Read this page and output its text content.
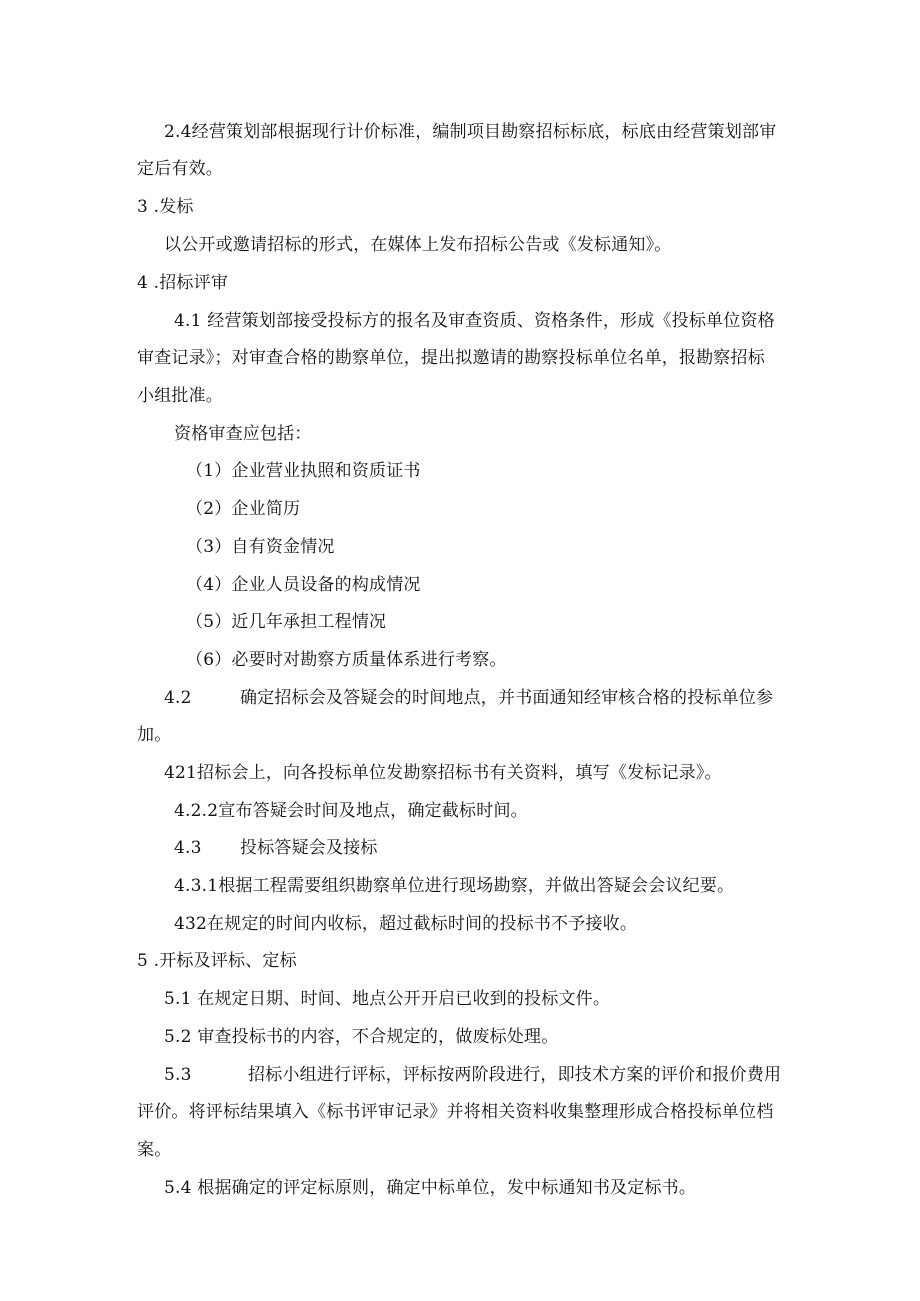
2.4经营策划部根据现行计价标准，编制项目勘察招标标底，标底由经营策划部审
定后有效。
3 .发标
以公开或邀请招标的形式，在媒体上发布招标公告或《发标通知》。
4 .招标评审
4.1 经营策划部接受投标方的报名及审查资质、资格条件，形成《投标单位资格
审查记录》；对审查合格的勘察单位，提出拟邀请的勘察投标单位名单，报勘察招标
小组批准。
资格审查应包括：
（1）企业营业执照和资质证书
（2）企业简历
（3）自有资金情况
（4）企业人员设备的构成情况
（5）近几年承担工程情况
（6）必要时对勘察方质量体系进行考察。
4.2	确定招标会及答疑会的时间地点，并书面通知经审核合格的投标单位参
加。
421招标会上，向各投标单位发勘察招标书有关资料，填写《发标记录》。
4.2.2宣布答疑会时间及地点，确定截标时间。
4.3 投标答疑会及接标
4.3.1根据工程需要组织勘察单位进行现场勘察，并做出答疑会会议纪要。
432在规定的时间内收标，超过截标时间的投标书不予接收。
5 .开标及评标、定标
5.1 在规定日期、时间、地点公开开启已收到的投标文件。
5.2 审查投标书的内容，不合规定的，做废标处理。
5.3	招标小组进行评标，评标按两阶段进行，即技术方案的评价和报价费用
评价。将评标结果填入《标书评审记录》并将相关资料收集整理形成合格投标单位档
案。
5.4 根据确定的评定标原则，确定中标单位，发中标通知书及定标书。
